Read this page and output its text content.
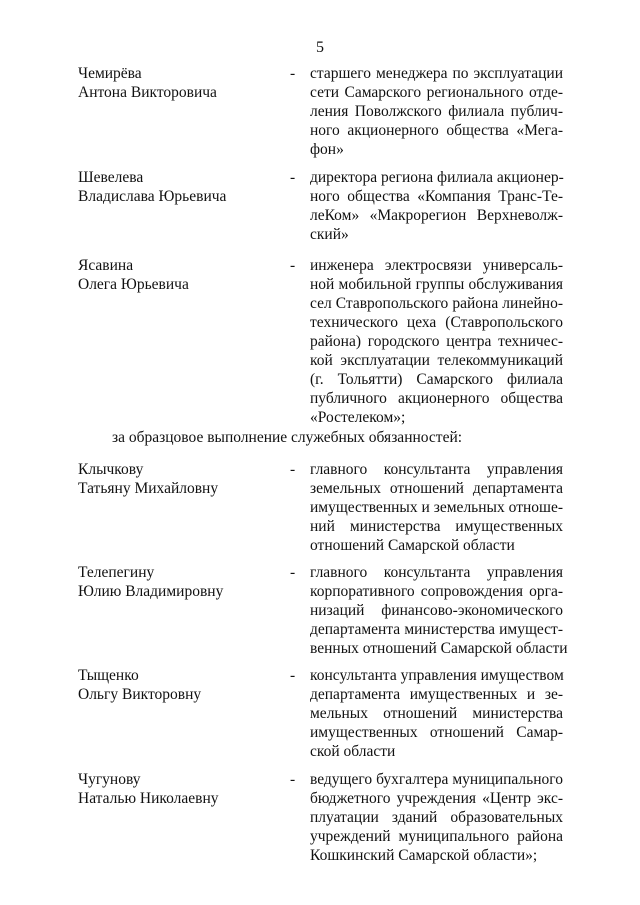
5
Чемирёва
Антона Викторовича
- старшего менеджера по эксплуатации
сети Самарского регионального отде-
ления Поволжского филиала публич-
ного акционерного общества «Мега-
фон»
Шевелева
Владислава Юрьевича
- директора региона филиала акционер-
ного общества «Компания Транс-Те-
леКом» «Макрорегион Верхневолж-
ский»
Ясавина
Олега Юрьевича
- инженера электросвязи универсаль-
ной мобильной группы обслуживания
сел Ставропольского района линейно-
технического цеха (Ставропольского
района) городского центра техничес-
кой эксплуатации телекоммуникаций
(г. Тольятти) Самарского филиала
публичного акционерного общества
«Ростелеком»;
за образцовое выполнение служебных обязанностей:
Клычкову
Татьяну Михайловну
- главного консультанта управления
земельных отношений департамента
имущественных и земельных отноше-
ний министерства имущественных
отношений Самарской области
Телепегину
Юлию Владимировну
- главного консультанта управления
корпоративного сопровождения орга-
низаций финансово-экономического
департамента министерства имущест-
венных отношений Самарской области
Тыщенко
Ольгу Викторовну
- консультанта управления имуществом
департамента имущественных и зе-
мельных отношений министерства
имущественных отношений Самар-
ской области
Чугунову
Наталью Николаевну
- ведущего бухгалтера муниципального
бюджетного учреждения «Центр экс-
плуатации зданий образовательных
учреждений муниципального района
Кошкинский Самарской области»;
